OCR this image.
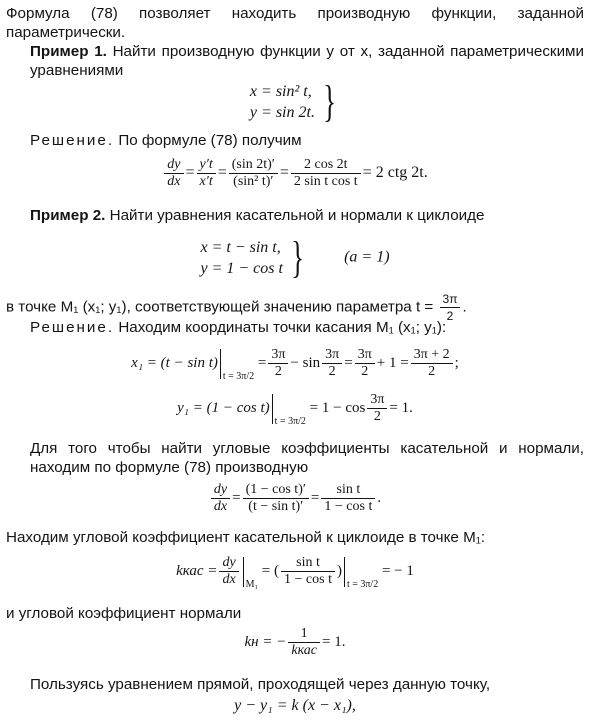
Формула (78) позволяет находить производную функции, заданной параметрически.
Пример 1. Найти производную функции y от x, заданной параметрическими уравнениями
x = sin² t,
y = sin 2t. }
Решение. По формуле (78) получим
$\frac{dy}{dx} = \frac{y't}{x't} = \frac{(\sin 2t)'}{\text{(sin² t)′}} = \frac{2 \cos 2t}{\text{2 sin t cos t}} = 2$ ctg 2t.
Пример 2. Найти уравнения касательной и нормали к циклоиде
x = t − sin t,
y = 1 − cos t }	(a = 1)
в точке M₁ (x₁; y₁), соответствующей значению параметра $t = \frac{3\pi}{2}$ .
Решение. Находим координаты точки касания M₁ (x₁; y₁):
$x_1 = (t - \sin t)_{t = 3\pi/2} = \frac{3\pi}{2} - \sin \frac{3\pi}{2} = \frac{3\pi}{2} + 1 = \frac{3\pi + 2}{2}$ ;
$y_1 = (1 - \cos t)_{t = 3\pi/2} = 1 - \cos \frac{3\pi}{2} = 1$.
Для того чтобы найти угловые коэффициенты касательной и нормали, находим по формуле (78) производную
$\frac{dy}{dx} = \frac{\text{(1 − cos t)′}}{\text{(t − sin t)′}} = \frac{\text{sin t}}{\text{1 − cos t}}$ .
Находим угловой коэффициент касательной к циклоиде в точке M₁:
kкас = $\frac{dy}{dx} _{M_1}$ = ( $\frac{\text{sin t}}{\text{1 − cos t}} )_{t = 3\pi/2}$ = − 1
и угловой коэффициент нормали
kн = − $\frac{1}{\text{kкас}} = 1$.
Пользуясь уравнением прямой, проходящей через данную точку,
y − y₁ = k (x − x₁),
